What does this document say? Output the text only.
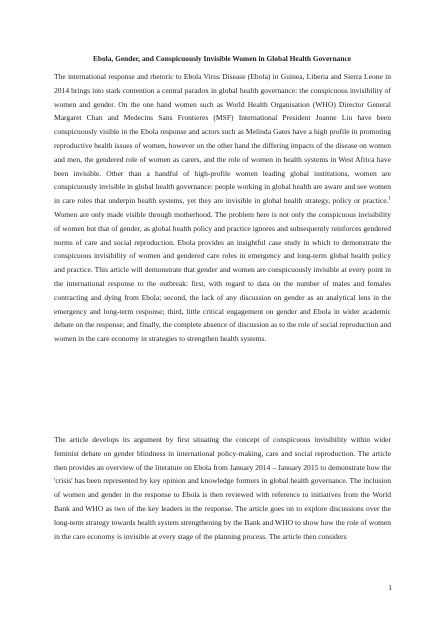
Ebola, Gender, and Conspicuously Invisible Women in Global Health Governance

The international response and rhetoric to Ebola Virus Disease (Ebola) in Guinea, Liberia and Sierra Leone in 2014 brings into stark contention a central paradox in global health governance: the conspicuous invisibility of women and gender. On the one hand women such as World Health Organisation (WHO) Director General Margaret Chan and Medecins Sans Frontieres (MSF) International President Joanne Liu have been conspicuously visible in the Ebola response and actors such as Melinda Gates have a high profile in promoting reproductive health issues of women, however on the other hand the differing impacts of the disease on women and men, the gendered role of women as carers, and the role of women in health systems in West Africa have been invisible. Other than a handful of high-profile women leading global institutions, women are conspicuously invisible in global health governance: people working in global health are aware and see women in care roles that underpin health systems, yet they are invisible in global health strategy, policy or practice.$^1$ Women are only made visible through motherhood. The problem here is not only the conspicuous invisibility of women but that of gender, as global health policy and practice ignores and subsequently reinforces gendered norms of care and social reproduction. Ebola provides an insightful case study in which to demonstrate the conspicuous invisibility of women and gendered care roles in emergency and long-term global health policy and practice. This article will demonstrate that gender and women are conspicuously invisible at every point in the international response to the outbreak: first, with regard to data on the number of males and females contracting and dying from Ebola; second, the lack of any discussion on gender as an analytical lens in the emergency and long-term response; third, little critical engagement on gender and Ebola in wider academic debate on the response; and finally, the complete absence of discussion as to the role of social reproduction and women in the care economy in strategies to strengthen health systems.

The article develops its argument by first situating the concept of conspicuous invisibility within wider feminist debate on gender blindness in international policy-making, care and social reproduction. The article then provides an overview of the literature on Ebola from January 2014 – January 2015 to demonstrate how the 'crisis' has been represented by key opinion and knowledge formers in global health governance. The inclusion of women and gender in the response to Ebola is then reviewed with reference to initiatives from the World Bank and WHO as two of the key leaders in the response. The article goes on to explore discussions over the long-term strategy towards health system strengthening by the Bank and WHO to show how the role of women in the care economy is invisible at every stage of the planning process. The article then considers

1
